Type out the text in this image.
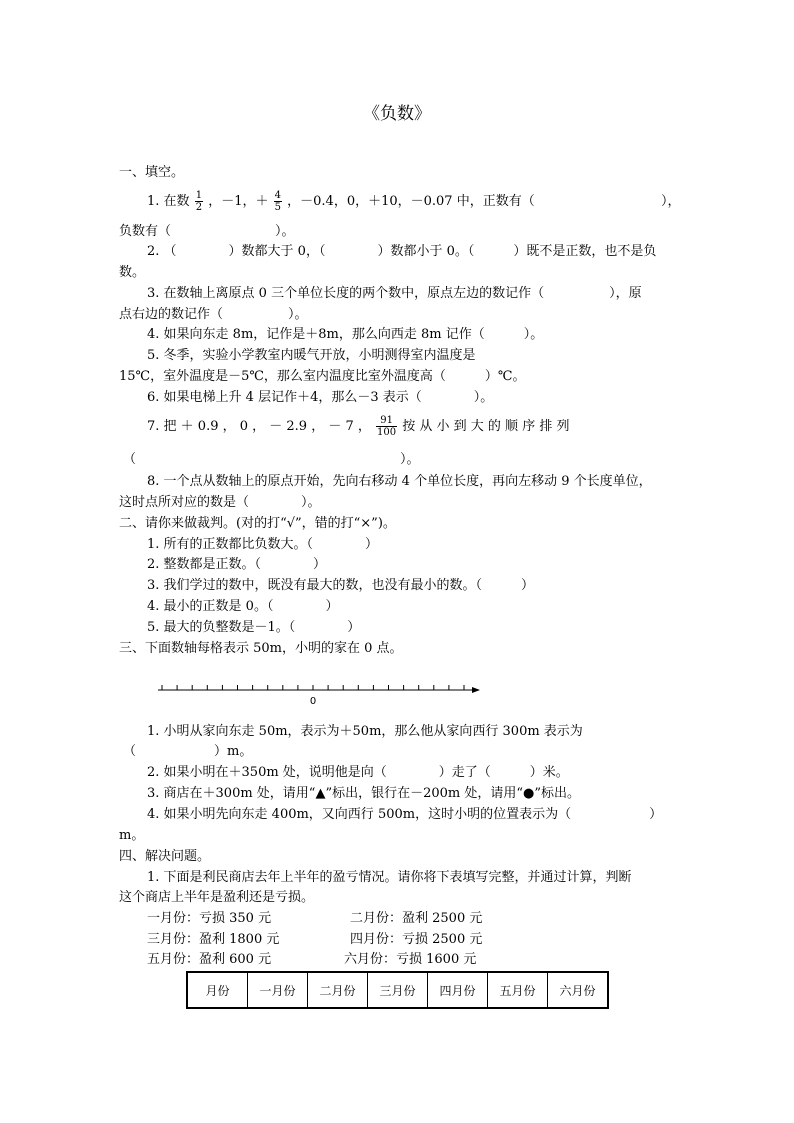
《负数》
一、填空。
1. 在数 $\frac{1}{2}$ ，－1，＋ $\frac{4}{5}$ ，－0.4，0，＋10，－0.07 中，正数有（	），
负数有（　　　　　　　　）。
2. （　　　　）数都大于 0，（　　　　）数都小于 0。（　　　）既不是正数，也不是负
数。
3. 在数轴上离原点 0 三个单位长度的两个数中，原点左边的数记作（　　　　　），原
点右边的数记作（　　　　　）。
4. 如果向东走 8m，记作是＋8m，那么向西走 8m 记作（　　　）。
5. 冬季，实验小学教室内暖气开放，小明测得室内温度是
15℃，室外温度是－5℃，那么室内温度比室外温度高（　　　）℃。
6. 如果电梯上升 4 层记作＋4，那么－3 表示（　　　　）。
7. 把 ＋ 0.9 ， 0 ， － 2.9 ， － 7 ， $\frac{91}{100}$ 按 从 小 到 大 的 顺 序 排 列
（	）。
8. 一个点从数轴上的原点开始，先向右移动 4 个单位长度，再向左移动 9 个长度单位，
这时点所对应的数是（　　　　）。
二、请你来做裁判。(对的打“√”，错的打“×”)。
1. 所有的正数都比负数大。（　　　　）
2. 整数都是正数。（　　　　）
3. 我们学过的数中，既没有最大的数，也没有最小的数。（　　　）
4. 最小的正数是 0。（　　　　）
5. 最大的负整数是－1。（　　　　）
三、下面数轴每格表示 50m，小明的家在 0 点。
0
1. 小明从家向东走 50m，表示为＋50m，那么他从家向西行 300m 表示为
（　　　　　　）m。
2. 如果小明在＋350m 处，说明他是向（　　　　）走了（　　　）米。
3. 商店在＋300m 处，请用“▲”标出，银行在－200m 处，请用“●”标出。
4. 如果小明先向东走 400m，又向西行 500m，这时小明的位置表示为（　　　　　　）
m。
四、解决问题。
1. 下面是利民商店去年上半年的盈亏情况。请你将下表填写完整，并通过计算，判断
这个商店上半年是盈利还是亏损。
一月份：亏损 350 元	二月份：盈利 2500 元
三月份：盈利 1800 元	四月份：亏损 2500 元
五月份：盈利 600 元	六月份：亏损 1600 元
月份	一月份	二月份	三月份	四月份	五月份	六月份
